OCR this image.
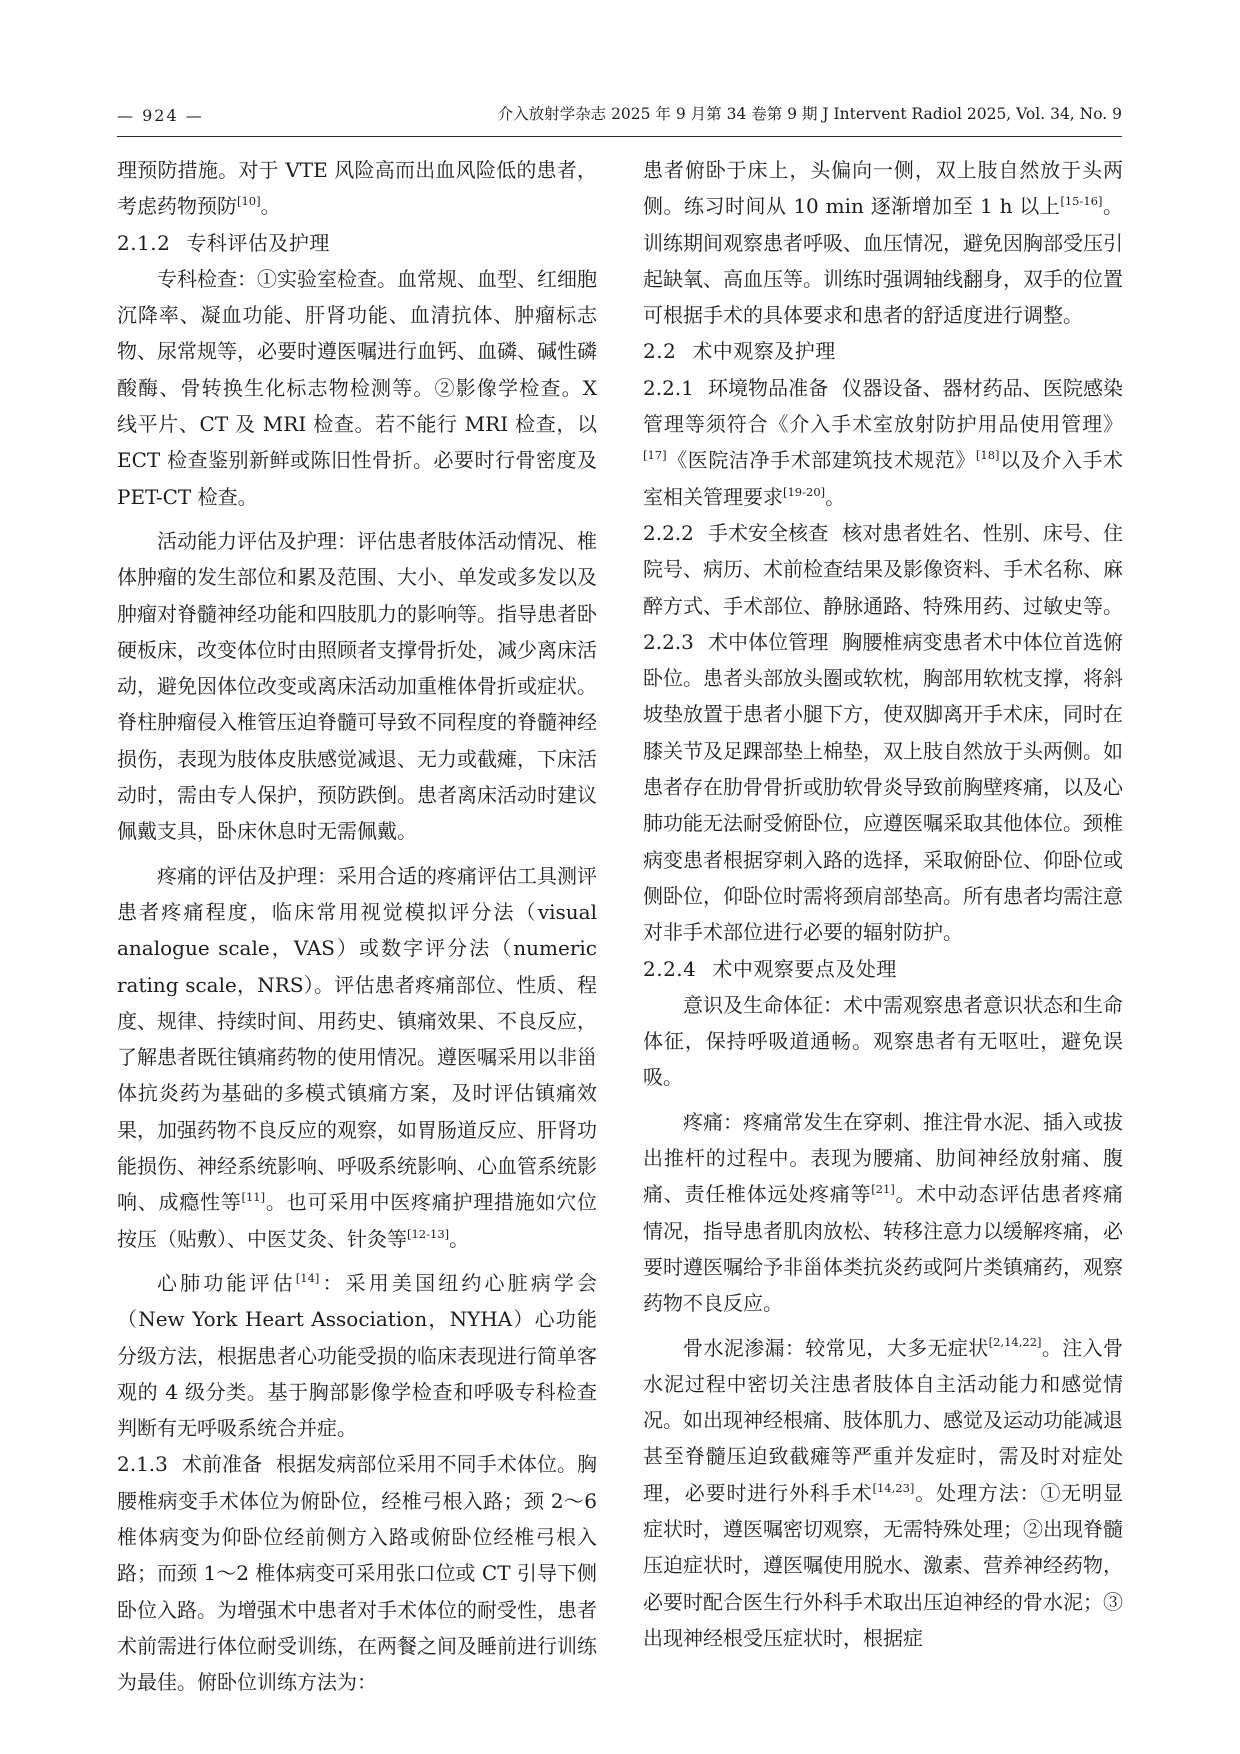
— 924 —	介入放射学杂志 2025 年 9 月第 34 卷第 9 期 J Intervent Radiol 2025, Vol. 34, No. 9

理预防措施。对于 VTE 风险高而出血风险低的患者，考虑药物预防[10]。

2.1.2 专科评估及护理

专科检查：①实验室检查。血常规、血型、红细胞沉降率、凝血功能、肝肾功能、血清抗体、肿瘤标志物、尿常规等，必要时遵医嘱进行血钙、血磷、碱性磷酸酶、骨转换生化标志物检测等。②影像学检查。X 线平片、CT 及 MRI 检查。若不能行 MRI 检查，以 ECT 检查鉴别新鲜或陈旧性骨折。必要时行骨密度及 PET-CT 检查。

活动能力评估及护理：评估患者肢体活动情况、椎体肿瘤的发生部位和累及范围、大小、单发或多发以及肿瘤对脊髓神经功能和四肢肌力的影响等。指导患者卧硬板床，改变体位时由照顾者支撑骨折处，减少离床活动，避免因体位改变或离床活动加重椎体骨折或症状。脊柱肿瘤侵入椎管压迫脊髓可导致不同程度的脊髓神经损伤，表现为肢体皮肤感觉减退、无力或截瘫，下床活动时，需由专人保护，预防跌倒。患者离床活动时建议佩戴支具，卧床休息时无需佩戴。

疼痛的评估及护理：采用合适的疼痛评估工具测评患者疼痛程度，临床常用视觉模拟评分法（visual analogue scale，VAS）或数字评分法（numeric rating scale，NRS）。评估患者疼痛部位、性质、程度、规律、持续时间、用药史、镇痛效果、不良反应，了解患者既往镇痛药物的使用情况。遵医嘱采用以非甾体抗炎药为基础的多模式镇痛方案，及时评估镇痛效果，加强药物不良反应的观察，如胃肠道反应、肝肾功能损伤、神经系统影响、呼吸系统影响、心血管系统影响、成瘾性等[11]。也可采用中医疼痛护理措施如穴位按压（贴敷）、中医艾灸、针灸等[12-13]。

心肺功能评估[14]：采用美国纽约心脏病学会（New York Heart Association，NYHA）心功能分级方法，根据患者心功能受损的临床表现进行简单客观的 4 级分类。基于胸部影像学检查和呼吸专科检查判断有无呼吸系统合并症。

2.1.3 术前准备 根据发病部位采用不同手术体位。胸腰椎病变手术体位为俯卧位，经椎弓根入路；颈 2～6 椎体病变为仰卧位经前侧方入路或俯卧位经椎弓根入路；而颈 1～2 椎体病变可采用张口位或 CT 引导下侧卧位入路。为增强术中患者对手术体位的耐受性，患者术前需进行体位耐受训练，在两餐之间及睡前进行训练为最佳。俯卧位训练方法为：

患者俯卧于床上，头偏向一侧，双上肢自然放于头两侧。练习时间从 10 min 逐渐增加至 1 h 以上[15-16]。训练期间观察患者呼吸、血压情况，避免因胸部受压引起缺氧、高血压等。训练时强调轴线翻身，双手的位置可根据手术的具体要求和患者的舒适度进行调整。

2.2 术中观察及护理

2.2.1 环境物品准备 仪器设备、器材药品、医院感染管理等须符合《介入手术室放射防护用品使用管理》[17]《医院洁净手术部建筑技术规范》[18]以及介入手术室相关管理要求[19-20]。

2.2.2 手术安全核查 核对患者姓名、性别、床号、住院号、病历、术前检查结果及影像资料、手术名称、麻醉方式、手术部位、静脉通路、特殊用药、过敏史等。

2.2.3 术中体位管理 胸腰椎病变患者术中体位首选俯卧位。患者头部放头圈或软枕，胸部用软枕支撑，将斜坡垫放置于患者小腿下方，使双脚离开手术床，同时在膝关节及足踝部垫上棉垫，双上肢自然放于头两侧。如患者存在肋骨骨折或肋软骨炎导致前胸壁疼痛，以及心肺功能无法耐受俯卧位，应遵医嘱采取其他体位。颈椎病变患者根据穿刺入路的选择，采取俯卧位、仰卧位或侧卧位，仰卧位时需将颈肩部垫高。所有患者均需注意对非手术部位进行必要的辐射防护。

2.2.4 术中观察要点及处理

意识及生命体征：术中需观察患者意识状态和生命体征，保持呼吸道通畅。观察患者有无呕吐，避免误吸。

疼痛：疼痛常发生在穿刺、推注骨水泥、插入或拔出推杆的过程中。表现为腰痛、肋间神经放射痛、腹痛、责任椎体远处疼痛等[21]。术中动态评估患者疼痛情况，指导患者肌肉放松、转移注意力以缓解疼痛，必要时遵医嘱给予非甾体类抗炎药或阿片类镇痛药，观察药物不良反应。

骨水泥渗漏：较常见，大多无症状[2,14,22]。注入骨水泥过程中密切关注患者肢体自主活动能力和感觉情况。如出现神经根痛、肢体肌力、感觉及运动功能减退甚至脊髓压迫致截瘫等严重并发症时，需及时对症处理，必要时进行外科手术[14,23]。处理方法：①无明显症状时，遵医嘱密切观察，无需特殊处理；②出现脊髓压迫症状时，遵医嘱使用脱水、激素、营养神经药物，必要时配合医生行外科手术取出压迫神经的骨水泥；③出现神经根受压症状时，根据症
